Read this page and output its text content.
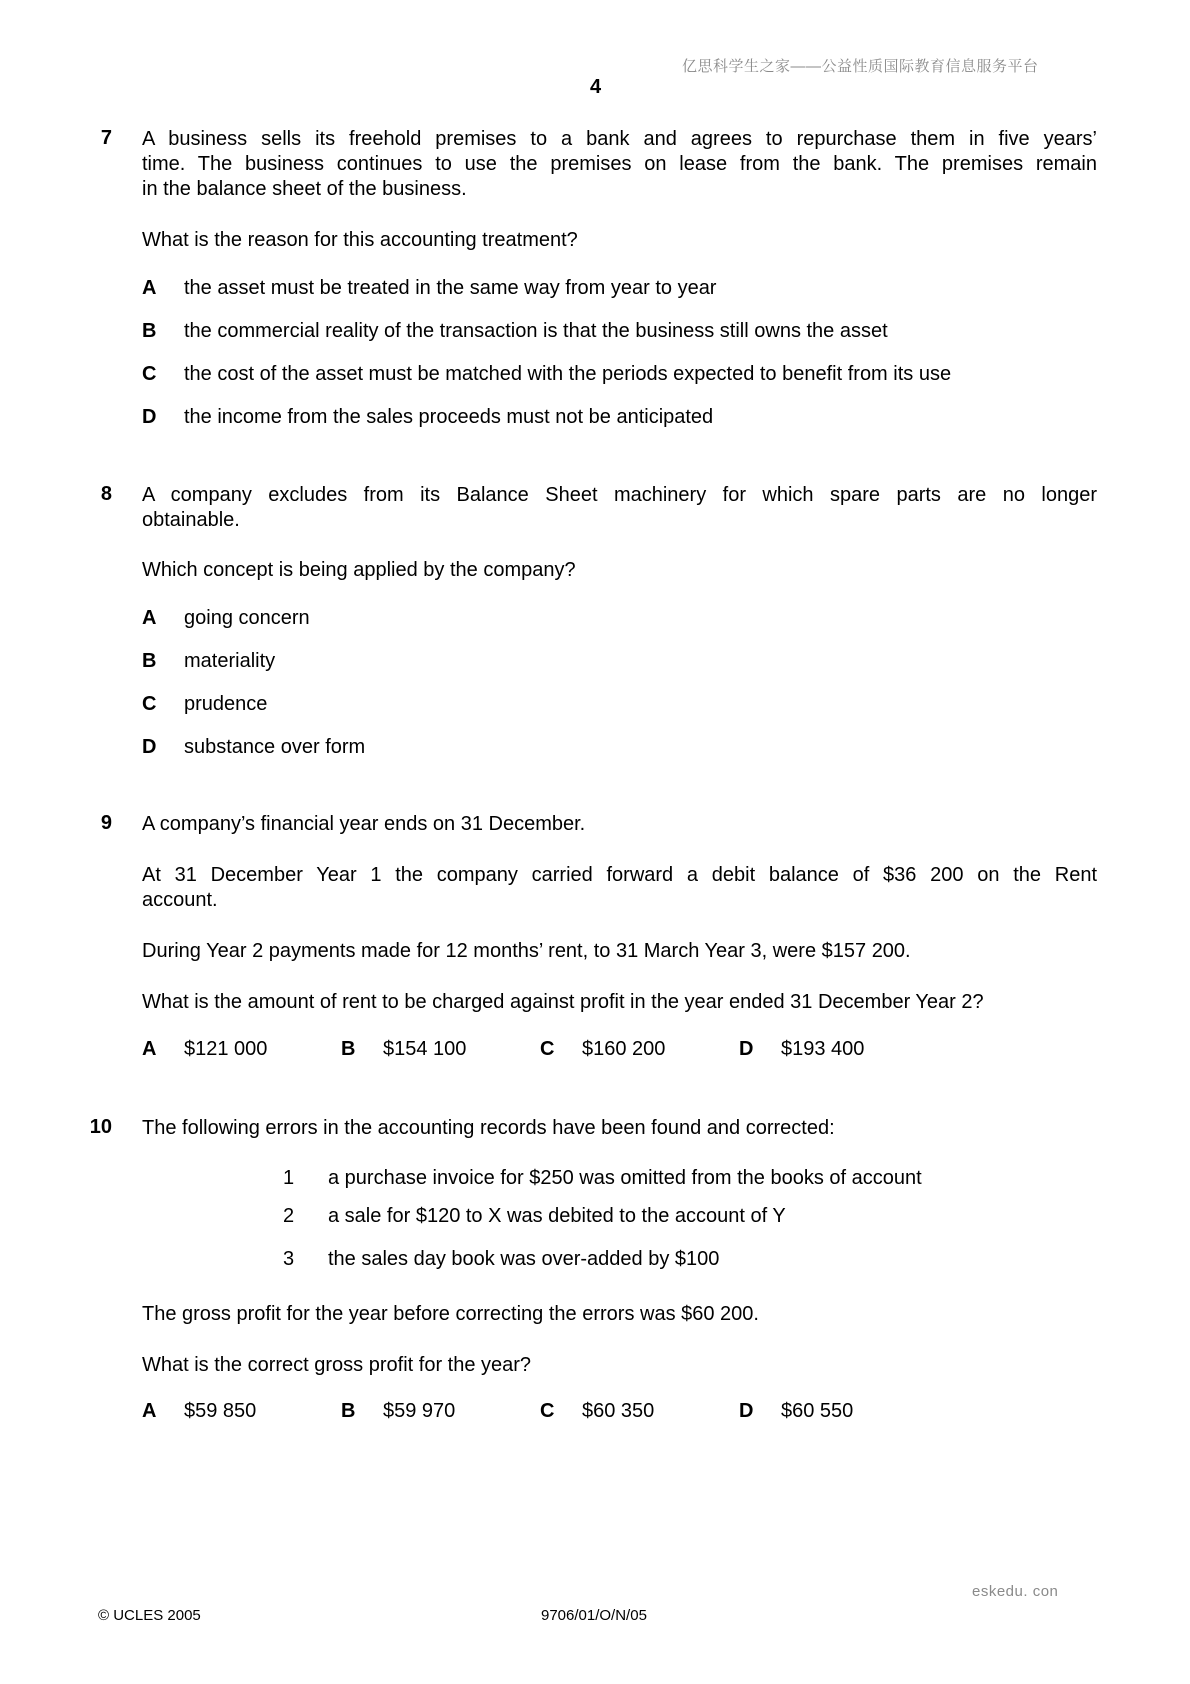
亿思科学生之家——公益性质国际教育信息服务平台
4
7 A business sells its freehold premises to a bank and agrees to repurchase them in five years’
time. The business continues to use the premises on lease from the bank. The premises remain
in the balance sheet of the business.
What is the reason for this accounting treatment?
A the asset must be treated in the same way from year to year
B the commercial reality of the transaction is that the business still owns the asset
C the cost of the asset must be matched with the periods expected to benefit from its use
D the income from the sales proceeds must not be anticipated
8 A company excludes from its Balance Sheet machinery for which spare parts are no longer
obtainable.
Which concept is being applied by the company?
A going concern
B materiality
C prudence
D substance over form
9 A company’s financial year ends on 31 December.
At 31 December Year 1 the company carried forward a debit balance of $36 200 on the Rent
account.
During Year 2 payments made for 12 months’ rent, to 31 March Year 3, were $157 200.
What is the amount of rent to be charged against profit in the year ended 31 December Year 2?
A $121 000	B $154 100	C $160 200	D $193 400
10 The following errors in the accounting records have been found and corrected:
1 a purchase invoice for $250 was omitted from the books of account
2 a sale for $120 to X was debited to the account of Y
3 the sales day book was over-added by $100
The gross profit for the year before correcting the errors was $60 200.
What is the correct gross profit for the year?
A $59 850	B $59 970	C $60 350	D $60 550
eskedu. con
© UCLES 2005	9706/01/O/N/05
